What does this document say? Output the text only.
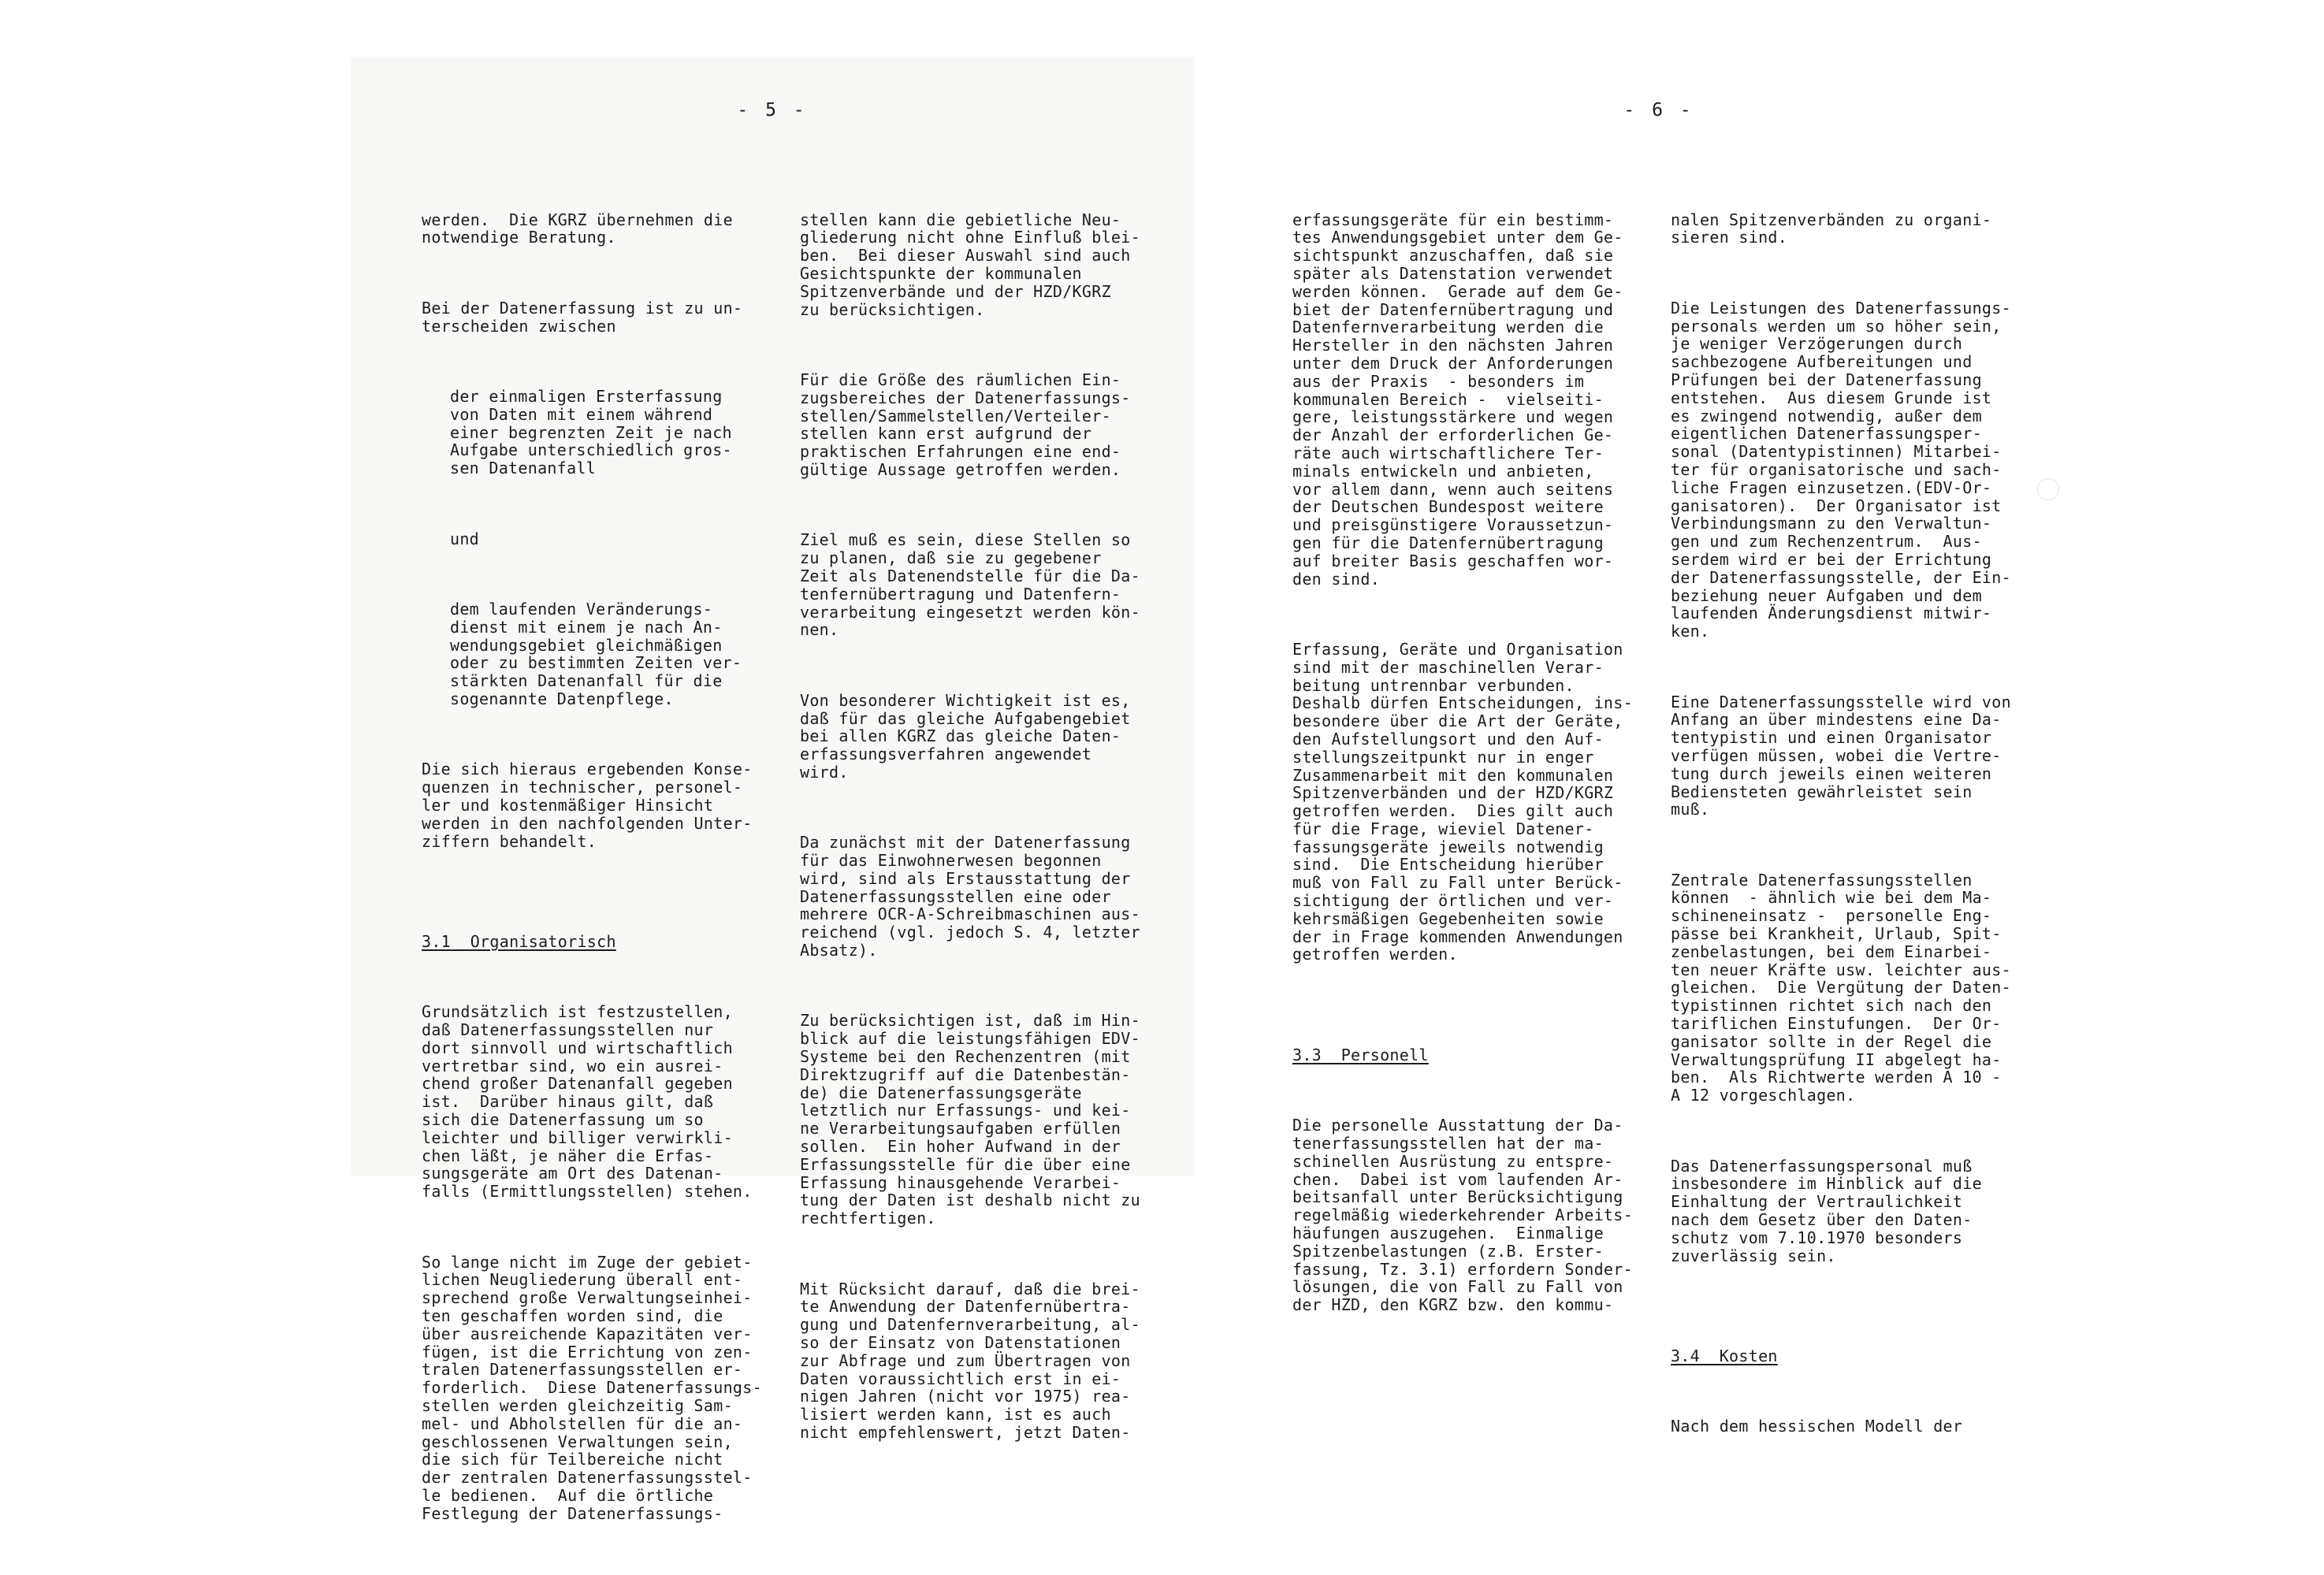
- 5 -

werden.  Die KGRZ übernehmen die
notwendige Beratung.

Bei der Datenerfassung ist zu un-
terscheiden zwischen

der einmaligen Ersterfassung
von Daten mit einem während
einer begrenzten Zeit je nach
Aufgabe unterschiedlich gros-
sen Datenanfall

und

dem laufenden Veränderungs-
dienst mit einem je nach An-
wendungsgebiet gleichmäßigen
oder zu bestimmten Zeiten ver-
stärkten Datenanfall für die
sogenannte Datenpflege.

Die sich hieraus ergebenden Konse-
quenzen in technischer, personel-
ler und kostenmäßiger Hinsicht
werden in den nachfolgenden Unter-
ziffern behandelt.

3.1  Organisatorisch

Grundsätzlich ist festzustellen,
daß Datenerfassungsstellen nur
dort sinnvoll und wirtschaftlich
vertretbar sind, wo ein ausrei-
chend großer Datenanfall gegeben
ist.  Darüber hinaus gilt, daß
sich die Datenerfassung um so
leichter und billiger verwirkli-
chen läßt, je näher die Erfas-
sungsgeräte am Ort des Datenan-
falls (Ermittlungsstellen) stehen.

So lange nicht im Zuge der gebiet-
lichen Neugliederung überall ent-
sprechend große Verwaltungseinhei-
ten geschaffen worden sind, die
über ausreichende Kapazitäten ver-
fügen, ist die Errichtung von zen-
tralen Datenerfassungsstellen er-
forderlich.  Diese Datenerfassungs-
stellen werden gleichzeitig Sam-
mel- und Abholstellen für die an-
geschlossenen Verwaltungen sein,
die sich für Teilbereiche nicht
der zentralen Datenerfassungsstel-
le bedienen.  Auf die örtliche
Festlegung der Datenerfassungs-

stellen kann die gebietliche Neu-
gliederung nicht ohne Einfluß blei-
ben.  Bei dieser Auswahl sind auch
Gesichtspunkte der kommunalen
Spitzenverbände und der HZD/KGRZ
zu berücksichtigen.

Für die Größe des räumlichen Ein-
zugsbereiches der Datenerfassungs-
stellen/Sammelstellen/Verteiler-
stellen kann erst aufgrund der
praktischen Erfahrungen eine end-
gültige Aussage getroffen werden.

Ziel muß es sein, diese Stellen so
zu planen, daß sie zu gegebener
Zeit als Datenendstelle für die Da-
tenfernübertragung und Datenfern-
verarbeitung eingesetzt werden kön-
nen.

Von besonderer Wichtigkeit ist es,
daß für das gleiche Aufgabengebiet
bei allen KGRZ das gleiche Daten-
erfassungsverfahren angewendet
wird.

Da zunächst mit der Datenerfassung
für das Einwohnerwesen begonnen
wird, sind als Erstausstattung der
Datenerfassungsstellen eine oder
mehrere OCR-A-Schreibmaschinen aus-
reichend (vgl. jedoch S. 4, letzter
Absatz).

Zu berücksichtigen ist, daß im Hin-
blick auf die leistungsfähigen EDV-
Systeme bei den Rechenzentren (mit
Direktzugriff auf die Datenbestän-
de) die Datenerfassungsgeräte
letztlich nur Erfassungs- und kei-
ne Verarbeitungsaufgaben erfüllen
sollen.  Ein hoher Aufwand in der
Erfassungsstelle für die über eine
Erfassung hinausgehende Verarbei-
tung der Daten ist deshalb nicht zu
rechtfertigen.

Mit Rücksicht darauf, daß die brei-
te Anwendung der Datenfernübertra-
gung und Datenfernverarbeitung, al-
so der Einsatz von Datenstationen
zur Abfrage und zum Übertragen von
Daten voraussichtlich erst in ei-
nigen Jahren (nicht vor 1975) rea-
lisiert werden kann, ist es auch
nicht empfehlenswert, jetzt Daten-

- 6 -

erfassungsgeräte für ein bestimm-
tes Anwendungsgebiet unter dem Ge-
sichtspunkt anzuschaffen, daß sie
später als Datenstation verwendet
werden können.  Gerade auf dem Ge-
biet der Datenfernübertragung und
Datenfernverarbeitung werden die
Hersteller in den nächsten Jahren
unter dem Druck der Anforderungen
aus der Praxis  - besonders im
kommunalen Bereich -  vielseiti-
gere, leistungsstärkere und wegen
der Anzahl der erforderlichen Ge-
räte auch wirtschaftlichere Ter-
minals entwickeln und anbieten,
vor allem dann, wenn auch seitens
der Deutschen Bundespost weitere
und preisgünstigere Voraussetzun-
gen für die Datenfernübertragung
auf breiter Basis geschaffen wor-
den sind.

Erfassung, Geräte und Organisation
sind mit der maschinellen Verar-
beitung untrennbar verbunden.
Deshalb dürfen Entscheidungen, ins-
besondere über die Art der Geräte,
den Aufstellungsort und den Auf-
stellungszeitpunkt nur in enger
Zusammenarbeit mit den kommunalen
Spitzenverbänden und der HZD/KGRZ
getroffen werden.  Dies gilt auch
für die Frage, wieviel Datener-
fassungsgeräte jeweils notwendig
sind.  Die Entscheidung hierüber
muß von Fall zu Fall unter Berück-
sichtigung der örtlichen und ver-
kehrsmäßigen Gegebenheiten sowie
der in Frage kommenden Anwendungen
getroffen werden.

3.3  Personell

Die personelle Ausstattung der Da-
tenerfassungsstellen hat der ma-
schinellen Ausrüstung zu entspre-
chen.  Dabei ist vom laufenden Ar-
beitsanfall unter Berücksichtigung
regelmäßig wiederkehrender Arbeits-
häufungen auszugehen.  Einmalige
Spitzenbelastungen (z.B. Erster-
fassung, Tz. 3.1) erfordern Sonder-
lösungen, die von Fall zu Fall von
der HZD, den KGRZ bzw. den kommu-

nalen Spitzenverbänden zu organi-
sieren sind.

Die Leistungen des Datenerfassungs-
personals werden um so höher sein,
je weniger Verzögerungen durch
sachbezogene Aufbereitungen und
Prüfungen bei der Datenerfassung
entstehen.  Aus diesem Grunde ist
es zwingend notwendig, außer dem
eigentlichen Datenerfassungsper-
sonal (Datentypistinnen) Mitarbei-
ter für organisatorische und sach-
liche Fragen einzusetzen.(EDV-Or-
ganisatoren).  Der Organisator ist
Verbindungsmann zu den Verwaltun-
gen und zum Rechenzentrum.  Aus-
serdem wird er bei der Errichtung
der Datenerfassungsstelle, der Ein-
beziehung neuer Aufgaben und dem
laufenden Änderungsdienst mitwir-
ken.

Eine Datenerfassungsstelle wird von
Anfang an über mindestens eine Da-
tentypistin und einen Organisator
verfügen müssen, wobei die Vertre-
tung durch jeweils einen weiteren
Bediensteten gewährleistet sein
muß.

Zentrale Datenerfassungsstellen
können  - ähnlich wie bei dem Ma-
schineneinsatz -  personelle Eng-
pässe bei Krankheit, Urlaub, Spit-
zenbelastungen, bei dem Einarbei-
ten neuer Kräfte usw. leichter aus-
gleichen.  Die Vergütung der Daten-
typistinnen richtet sich nach den
tariflichen Einstufungen.  Der Or-
ganisator sollte in der Regel die
Verwaltungsprüfung II abgelegt ha-
ben.  Als Richtwerte werden A 10 -
A 12 vorgeschlagen.

Das Datenerfassungspersonal muß
insbesondere im Hinblick auf die
Einhaltung der Vertraulichkeit
nach dem Gesetz über den Daten-
schutz vom 7.10.1970 besonders
zuverlässig sein.

3.4  Kosten

Nach dem hessischen Modell der
